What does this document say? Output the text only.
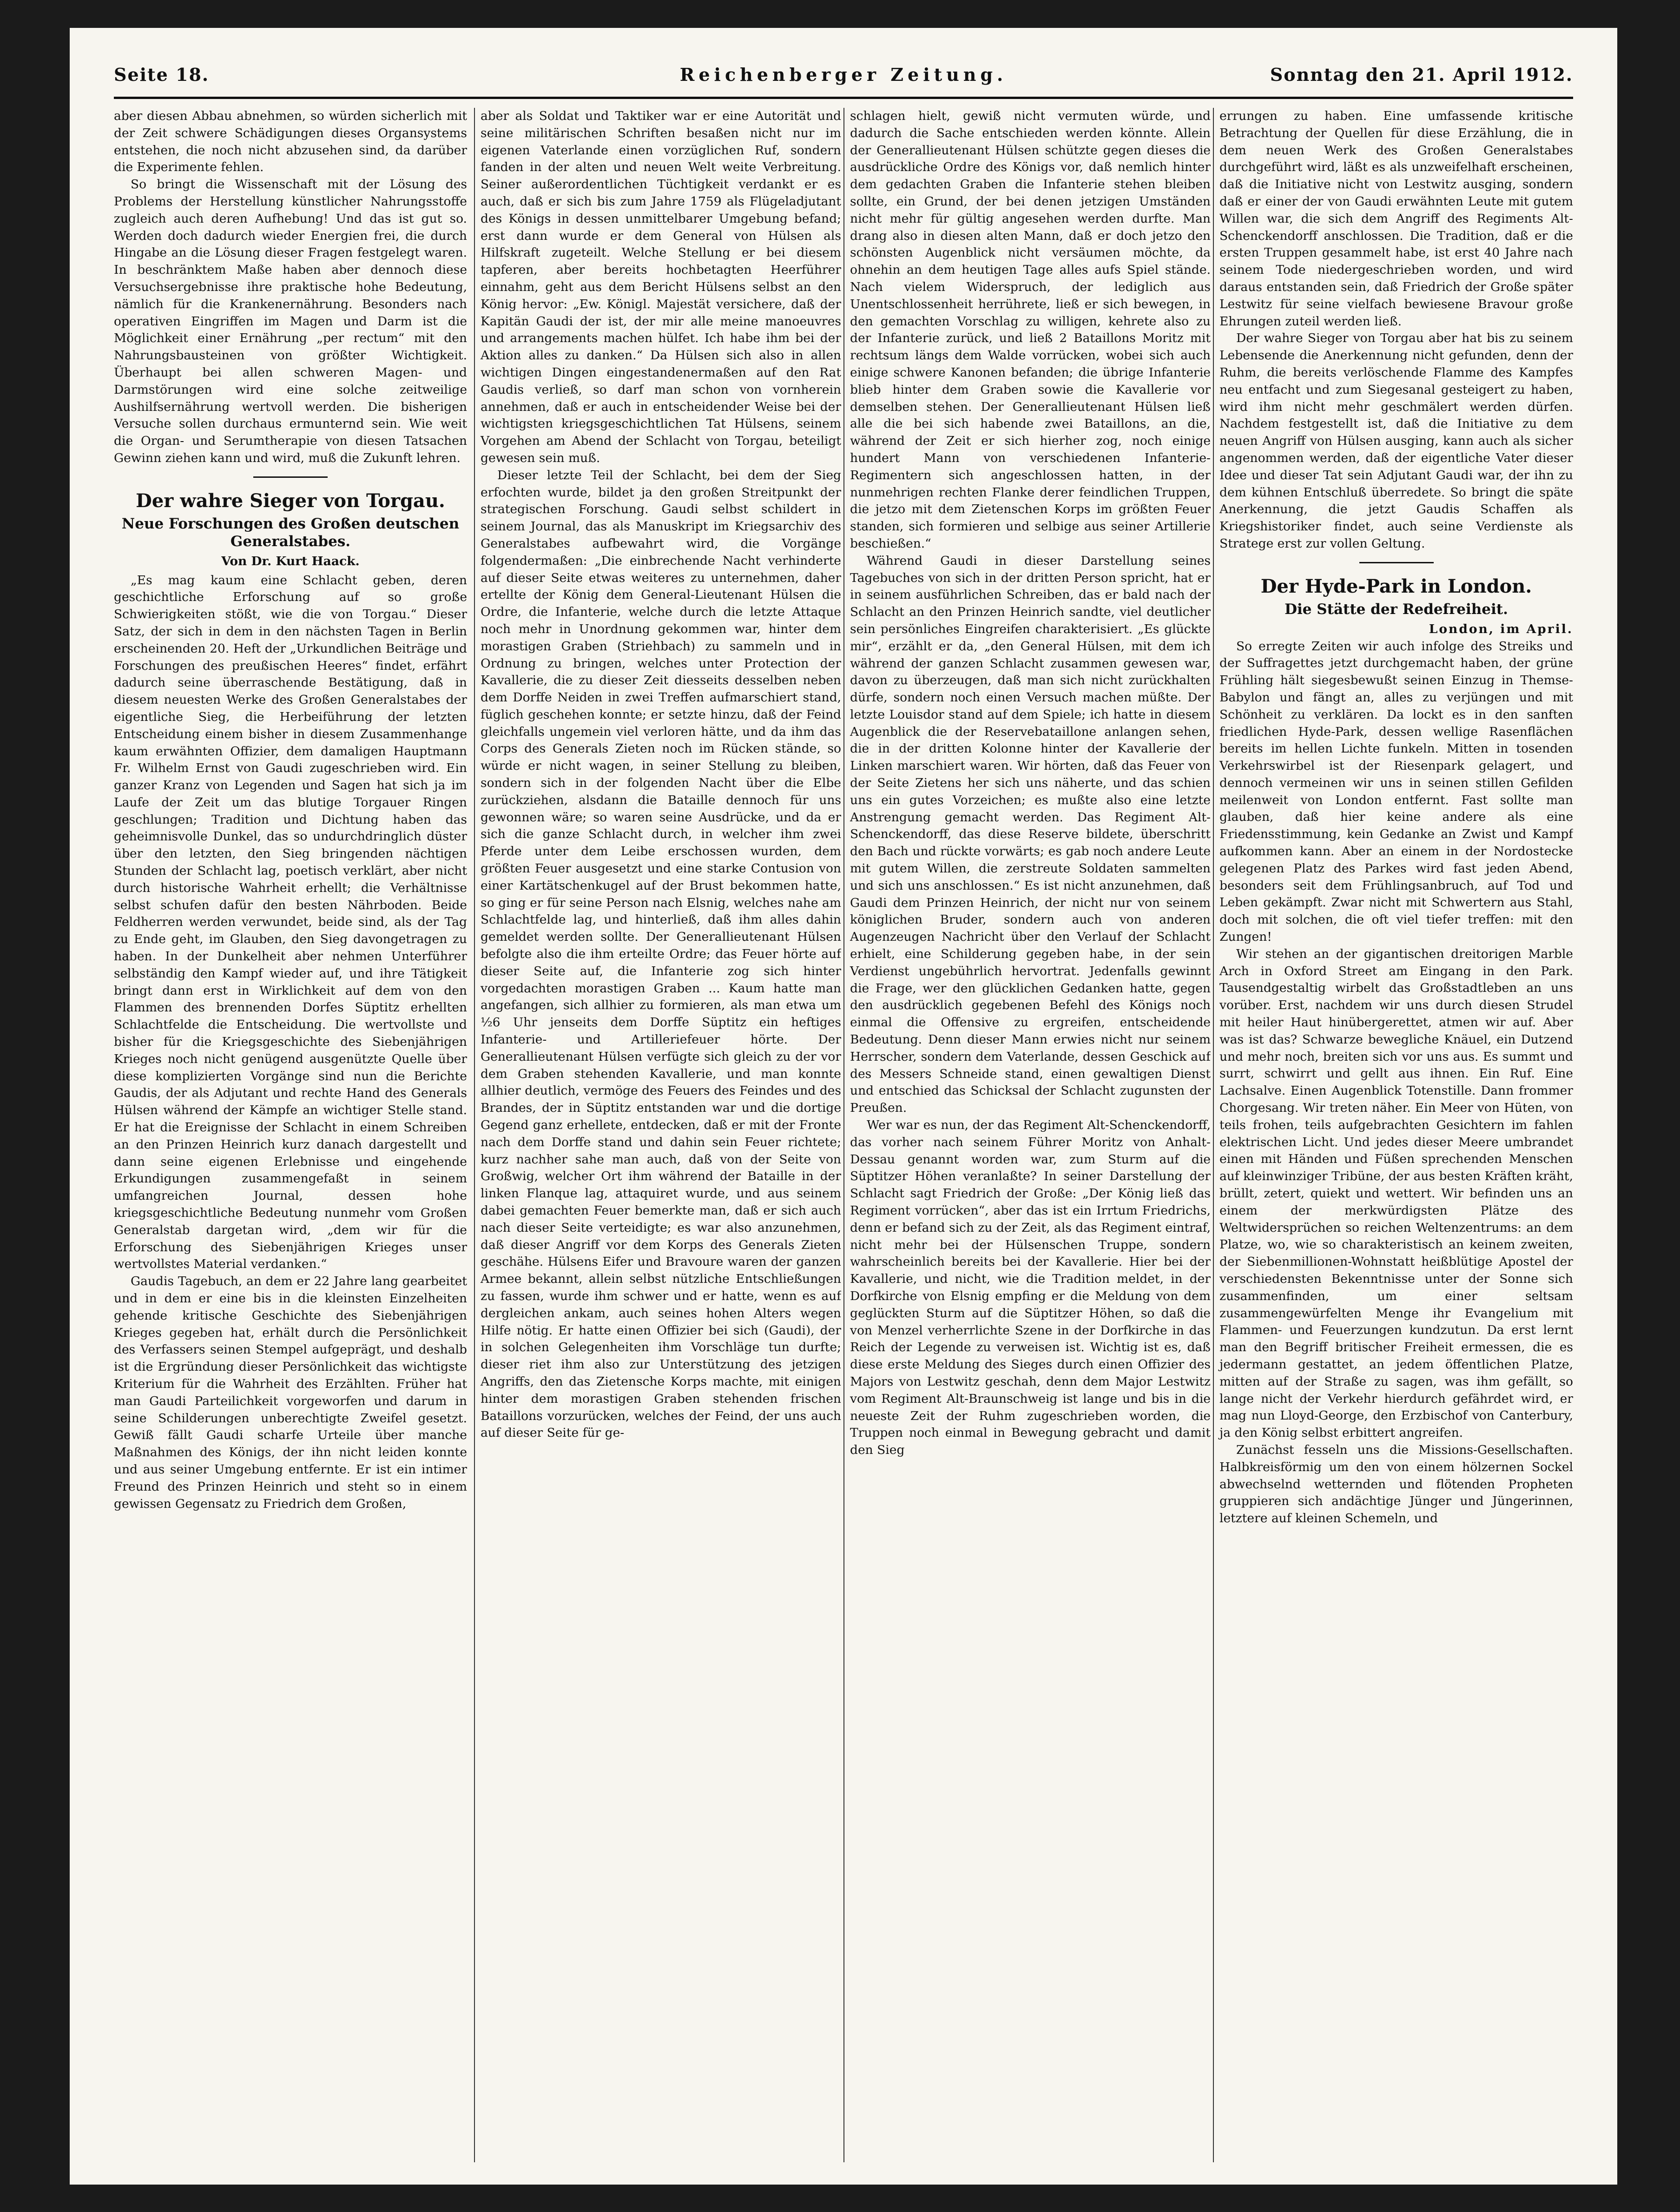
Seite 18.	Reichenberger Zeitung.	Sonntag den 21. April 1912.

aber diesen Abbau abnehmen, so würden sicherlich mit der Zeit schwere Schädigungen dieses Organsystems entstehen, die noch nicht abzusehen sind, da darüber die Experimente fehlen.

So bringt die Wissenschaft mit der Lösung des Problems der Herstellung künstlicher Nahrungsstoffe zugleich auch deren Aufhebung! Und das ist gut so. Werden doch dadurch wieder Energien frei, die durch Hingabe an die Lösung dieser Fragen festgelegt waren. In beschränktem Maße haben aber dennoch diese Versuchsergebnisse ihre praktische hohe Bedeutung, nämlich für die Krankenernährung. Besonders nach operativen Eingriffen im Magen und Darm ist die Möglichkeit einer Ernährung „per rectum“ mit den Nahrungsbausteinen von größter Wichtigkeit. Überhaupt bei allen schweren Magen- und Darmstörungen wird eine solche zeitweilige Aushilfsernährung wertvoll werden. Die bisherigen Versuche sollen durchaus ermunternd sein. Wie weit die Organ- und Serumtherapie von diesen Tatsachen Gewinn ziehen kann und wird, muß die Zukunft lehren.

Der wahre Sieger von Torgau.
Neue Forschungen des Großen deutschen Generalstabes.

Von Dr. Kurt Haack.

„Es mag kaum eine Schlacht geben, deren geschichtliche Erforschung auf so große Schwierigkeiten stößt, wie die von Torgau.“ Dieser Satz, der sich in dem in den nächsten Tagen in Berlin erscheinenden 20. Heft der „Urkundlichen Beiträge und Forschungen des preußischen Heeres“ findet, erfährt dadurch seine überraschende Bestätigung, daß in diesem neuesten Werke des Großen Generalstabes der eigentliche Sieg, die Herbeiführung der letzten Entscheidung einem bisher in diesem Zusammenhange kaum erwähnten Offizier, dem damaligen Hauptmann Fr. Wilhelm Ernst von Gaudi zugeschrieben wird. Ein ganzer Kranz von Legenden und Sagen hat sich ja im Laufe der Zeit um das blutige Torgauer Ringen geschlungen; Tradition und Dichtung haben das geheimnisvolle Dunkel, das so undurchdringlich düster über den letzten, den Sieg bringenden nächtigen Stunden der Schlacht lag, poetisch verklärt, aber nicht durch historische Wahrheit erhellt; die Verhältnisse selbst schufen dafür den besten Nährboden. Beide Feldherren werden verwundet, beide sind, als der Tag zu Ende geht, im Glauben, den Sieg davongetragen zu haben. In der Dunkelheit aber nehmen Unterführer selbständig den Kampf wieder auf, und ihre Tätigkeit bringt dann erst in Wirklichkeit auf dem von den Flammen des brennenden Dorfes Süptitz erhellten Schlachtfelde die Entscheidung. Die wertvollste und bisher für die Kriegsgeschichte des Siebenjährigen Krieges noch nicht genügend ausgenützte Quelle über diese komplizierten Vorgänge sind nun die Berichte Gaudis, der als Adjutant und rechte Hand des Generals Hülsen während der Kämpfe an wichtiger Stelle stand. Er hat die Ereignisse der Schlacht in einem Schreiben an den Prinzen Heinrich kurz danach dargestellt und dann seine eigenen Erlebnisse und eingehende Erkundigungen zusammengefaßt in seinem umfangreichen Journal, dessen hohe kriegsgeschichtliche Bedeutung nunmehr vom Großen Generalstab dargetan wird, „dem wir für die Erforschung des Siebenjährigen Krieges unser wertvollstes Material verdanken.“

Gaudis Tagebuch, an dem er 22 Jahre lang gearbeitet und in dem er eine bis in die kleinsten Einzelheiten gehende kritische Geschichte des Siebenjährigen Krieges gegeben hat, erhält durch die Persönlichkeit des Verfassers seinen Stempel aufgeprägt, und deshalb ist die Ergründung dieser Persönlichkeit das wichtigste Kriterium für die Wahrheit des Erzählten. Früher hat man Gaudi Parteilichkeit vorgeworfen und darum in seine Schilderungen unberechtigte Zweifel gesetzt. Gewiß fällt Gaudi scharfe Urteile über manche Maßnahmen des Königs, der ihn nicht leiden konnte und aus seiner Umgebung entfernte. Er ist ein intimer Freund des Prinzen Heinrich und steht so in einem gewissen Gegensatz zu Friedrich dem Großen,

aber als Soldat und Taktiker war er eine Autorität und seine militärischen Schriften besaßen nicht nur im eigenen Vaterlande einen vorzüglichen Ruf, sondern fanden in der alten und neuen Welt weite Verbreitung. Seiner außerordentlichen Tüchtigkeit verdankt er es auch, daß er sich bis zum Jahre 1759 als Flügeladjutant des Königs in dessen unmittelbarer Umgebung befand; erst dann wurde er dem General von Hülsen als Hilfskraft zugeteilt. Welche Stellung er bei diesem tapferen, aber bereits hochbetagten Heerführer einnahm, geht aus dem Bericht Hülsens selbst an den König hervor: „Ew. Königl. Majestät versichere, daß der Kapitän Gaudi der ist, der mir alle meine manoeuvres und arrangements machen hülfet. Ich habe ihm bei der Aktion alles zu danken.“ Da Hülsen sich also in allen wichtigen Dingen eingestandenermaßen auf den Rat Gaudis verließ, so darf man schon von vornherein annehmen, daß er auch in entscheidender Weise bei der wichtigsten kriegsgeschichtlichen Tat Hülsens, seinem Vorgehen am Abend der Schlacht von Torgau, beteiligt gewesen sein muß.

Dieser letzte Teil der Schlacht, bei dem der Sieg erfochten wurde, bildet ja den großen Streitpunkt der strategischen Forschung. Gaudi selbst schildert in seinem Journal, das als Manuskript im Kriegsarchiv des Generalstabes aufbewahrt wird, die Vorgänge folgendermaßen: „Die einbrechende Nacht verhinderte auf dieser Seite etwas weiteres zu unternehmen, daher ertellte der König dem General-Lieutenant Hülsen die Ordre, die Infanterie, welche durch die letzte Attaque noch mehr in Unordnung gekommen war, hinter dem morastigen Graben (Striehbach) zu sammeln und in Ordnung zu bringen, welches unter Protection der Kavallerie, die zu dieser Zeit diesseits desselben neben dem Dorffe Neiden in zwei Treffen aufmarschiert stand, füglich geschehen konnte; er setzte hinzu, daß der Feind gleichfalls ungemein viel verloren hätte, und da ihm das Corps des Generals Zieten noch im Rücken stände, so würde er nicht wagen, in seiner Stellung zu bleiben, sondern sich in der folgenden Nacht über die Elbe zurückziehen, alsdann die Bataille dennoch für uns gewonnen wäre; so waren seine Ausdrücke, und da er sich die ganze Schlacht durch, in welcher ihm zwei Pferde unter dem Leibe erschossen wurden, dem größten Feuer ausgesetzt und eine starke Contusion von einer Kartätschenkugel auf der Brust bekommen hatte, so ging er für seine Person nach Elsnig, welches nahe am Schlachtfelde lag, und hinterließ, daß ihm alles dahin gemeldet werden sollte. Der Generallieutenant Hülsen befolgte also die ihm erteilte Ordre; das Feuer hörte auf dieser Seite auf, die Infanterie zog sich hinter vorgedachten morastigen Graben ... Kaum hatte man angefangen, sich allhier zu formieren, als man etwa um ½6 Uhr jenseits dem Dorffe Süptitz ein heftiges Infanterie- und Artilleriefeuer hörte. Der Generallieutenant Hülsen verfügte sich gleich zu der vor dem Graben stehenden Kavallerie, und man konnte allhier deutlich, vermöge des Feuers des Feindes und des Brandes, der in Süptitz entstanden war und die dortige Gegend ganz erhellete, entdecken, daß er mit der Fronte nach dem Dorffe stand und dahin sein Feuer richtete; kurz nachher sahe man auch, daß von der Seite von Großwig, welcher Ort ihm während der Bataille in der linken Flanque lag, attaquiret wurde, und aus seinem dabei gemachten Feuer bemerkte man, daß er sich auch nach dieser Seite verteidigte; es war also anzunehmen, daß dieser Angriff vor dem Korps des Generals Zieten geschähe. Hülsens Eifer und Bravoure waren der ganzen Armee bekannt, allein selbst nützliche Entschließungen zu fassen, wurde ihm schwer und er hatte, wenn es auf dergleichen ankam, auch seines hohen Alters wegen Hilfe nötig. Er hatte einen Offizier bei sich (Gaudi), der in solchen Gelegenheiten ihm Vorschläge tun durfte; dieser riet ihm also zur Unterstützung des jetzigen Angriffs, den das Zietensche Korps machte, mit einigen hinter dem morastigen Graben stehenden frischen Bataillons vorzurücken, welches der Feind, der uns auch auf dieser Seite für ge-

schlagen hielt, gewiß nicht vermuten würde, und dadurch die Sache entschieden werden könnte. Allein der Generallieutenant Hülsen schützte gegen dieses die ausdrückliche Ordre des Königs vor, daß nemlich hinter dem gedachten Graben die Infanterie stehen bleiben sollte, ein Grund, der bei denen jetzigen Umständen nicht mehr für gültig angesehen werden durfte. Man drang also in diesen alten Mann, daß er doch jetzo den schönsten Augenblick nicht versäumen möchte, da ohnehin an dem heutigen Tage alles aufs Spiel stände. Nach vielem Widerspruch, der lediglich aus Unentschlossenheit herrührete, ließ er sich bewegen, in den gemachten Vorschlag zu willigen, kehrete also zu der Infanterie zurück, und ließ 2 Bataillons Moritz mit rechtsum längs dem Walde vorrücken, wobei sich auch einige schwere Kanonen befanden; die übrige Infanterie blieb hinter dem Graben sowie die Kavallerie vor demselben stehen. Der Generallieutenant Hülsen ließ alle die bei sich habende zwei Bataillons, an die, während der Zeit er sich hierher zog, noch einige hundert Mann von verschiedenen Infanterie-Regimentern sich angeschlossen hatten, in der nunmehrigen rechten Flanke derer feindlichen Truppen, die jetzo mit dem Zietenschen Korps im größten Feuer standen, sich formieren und selbige aus seiner Artillerie beschießen.“

Während Gaudi in dieser Darstellung seines Tagebuches von sich in der dritten Person spricht, hat er in seinem ausführlichen Schreiben, das er bald nach der Schlacht an den Prinzen Heinrich sandte, viel deutlicher sein persönliches Eingreifen charakterisiert. „Es glückte mir“, erzählt er da, „den General Hülsen, mit dem ich während der ganzen Schlacht zusammen gewesen war, davon zu überzeugen, daß man sich nicht zurückhalten dürfe, sondern noch einen Versuch machen müßte. Der letzte Louisdor stand auf dem Spiele; ich hatte in diesem Augenblick die der Reservebataillone anlangen sehen, die in der dritten Kolonne hinter der Kavallerie der Linken marschiert waren. Wir hörten, daß das Feuer von der Seite Zietens her sich uns näherte, und das schien uns ein gutes Vorzeichen; es mußte also eine letzte Anstrengung gemacht werden. Das Regiment Alt-Schenckendorff, das diese Reserve bildete, überschritt den Bach und rückte vorwärts; es gab noch andere Leute mit gutem Willen, die zerstreute Soldaten sammelten und sich uns anschlossen.“ Es ist nicht anzunehmen, daß Gaudi dem Prinzen Heinrich, der nicht nur von seinem königlichen Bruder, sondern auch von anderen Augenzeugen Nachricht über den Verlauf der Schlacht erhielt, eine Schilderung gegeben habe, in der sein Verdienst ungebührlich hervortrat. Jedenfalls gewinnt die Frage, wer den glücklichen Gedanken hatte, gegen den ausdrücklich gegebenen Befehl des Königs noch einmal die Offensive zu ergreifen, entscheidende Bedeutung. Denn dieser Mann erwies nicht nur seinem Herrscher, sondern dem Vaterlande, dessen Geschick auf des Messers Schneide stand, einen gewaltigen Dienst und entschied das Schicksal der Schlacht zugunsten der Preußen.

Wer war es nun, der das Regiment Alt-Schenckendorff, das vorher nach seinem Führer Moritz von Anhalt-Dessau genannt worden war, zum Sturm auf die Süptitzer Höhen veranlaßte? In seiner Darstellung der Schlacht sagt Friedrich der Große: „Der König ließ das Regiment vorrücken“, aber das ist ein Irrtum Friedrichs, denn er befand sich zu der Zeit, als das Regiment eintraf, nicht mehr bei der Hülsenschen Truppe, sondern wahrscheinlich bereits bei der Kavallerie. Hier bei der Kavallerie, und nicht, wie die Tradition meldet, in der Dorfkirche von Elsnig empfing er die Meldung von dem geglückten Sturm auf die Süptitzer Höhen, so daß die von Menzel verherrlichte Szene in der Dorfkirche in das Reich der Legende zu verweisen ist. Wichtig ist es, daß diese erste Meldung des Sieges durch einen Offizier des Majors von Lestwitz geschah, denn dem Major Lestwitz vom Regiment Alt-Braunschweig ist lange und bis in die neueste Zeit der Ruhm zugeschrieben worden, die Truppen noch einmal in Bewegung gebracht und damit den Sieg

errungen zu haben. Eine umfassende kritische Betrachtung der Quellen für diese Erzählung, die in dem neuen Werk des Großen Generalstabes durchgeführt wird, läßt es als unzweifelhaft erscheinen, daß die Initiative nicht von Lestwitz ausging, sondern daß er einer der von Gaudi erwähnten Leute mit gutem Willen war, die sich dem Angriff des Regiments Alt-Schenckendorff anschlossen. Die Tradition, daß er die ersten Truppen gesammelt habe, ist erst 40 Jahre nach seinem Tode niedergeschrieben worden, und wird daraus entstanden sein, daß Friedrich der Große später Lestwitz für seine vielfach bewiesene Bravour große Ehrungen zuteil werden ließ.

Der wahre Sieger von Torgau aber hat bis zu seinem Lebensende die Anerkennung nicht gefunden, denn der Ruhm, die bereits verlöschende Flamme des Kampfes neu entfacht und zum Siegesanal gesteigert zu haben, wird ihm nicht mehr geschmälert werden dürfen. Nachdem festgestellt ist, daß die Initiative zu dem neuen Angriff von Hülsen ausging, kann auch als sicher angenommen werden, daß der eigentliche Vater dieser Idee und dieser Tat sein Adjutant Gaudi war, der ihn zu dem kühnen Entschluß überredete. So bringt die späte Anerkennung, die jetzt Gaudis Schaffen als Kriegshistoriker findet, auch seine Verdienste als Stratege erst zur vollen Geltung.

Der Hyde-Park in London.
Die Stätte der Redefreiheit.

London, im April.

So erregte Zeiten wir auch infolge des Streiks und der Suffragettes jetzt durchgemacht haben, der grüne Frühling hält siegesbewußt seinen Einzug in Themse-Babylon und fängt an, alles zu verjüngen und mit Schönheit zu verklären. Da lockt es in den sanften friedlichen Hyde-Park, dessen wellige Rasenflächen bereits im hellen Lichte funkeln. Mitten in tosenden Verkehrswirbel ist der Riesenpark gelagert, und dennoch vermeinen wir uns in seinen stillen Gefilden meilenweit von London entfernt. Fast sollte man glauben, daß hier keine andere als eine Friedensstimmung, kein Gedanke an Zwist und Kampf aufkommen kann. Aber an einem in der Nordostecke gelegenen Platz des Parkes wird fast jeden Abend, besonders seit dem Frühlingsanbruch, auf Tod und Leben gekämpft. Zwar nicht mit Schwertern aus Stahl, doch mit solchen, die oft viel tiefer treffen: mit den Zungen!

Wir stehen an der gigantischen dreitorigen Marble Arch in Oxford Street am Eingang in den Park. Tausendgestaltig wirbelt das Großstadtleben an uns vorüber. Erst, nachdem wir uns durch diesen Strudel mit heiler Haut hinübergerettet, atmen wir auf. Aber was ist das? Schwarze bewegliche Knäuel, ein Dutzend und mehr noch, breiten sich vor uns aus. Es summt und surrt, schwirrt und gellt aus ihnen. Ein Ruf. Eine Lachsalve. Einen Augenblick Totenstille. Dann frommer Chorgesang. Wir treten näher. Ein Meer von Hüten, von teils frohen, teils aufgebrachten Gesichtern im fahlen elektrischen Licht. Und jedes dieser Meere umbrandet einen mit Händen und Füßen sprechenden Menschen auf kleinwinziger Tribüne, der aus besten Kräften kräht, brüllt, zetert, quiekt und wettert. Wir befinden uns an einem der merkwürdigsten Plätze des Weltwidersprüchen so reichen Weltenzentrums: an dem Platze, wo, wie so charakteristisch an keinem zweiten, der Siebenmillionen-Wohnstatt heißblütige Apostel der verschiedensten Bekenntnisse unter der Sonne sich zusammenfinden, um einer seltsam zusammengewürfelten Menge ihr Evangelium mit Flammen- und Feuerzungen kundzutun. Da erst lernt man den Begriff britischer Freiheit ermessen, die es jedermann gestattet, an jedem öffentlichen Platze, mitten auf der Straße zu sagen, was ihm gefällt, so lange nicht der Verkehr hierdurch gefährdet wird, er mag nun Lloyd-George, den Erzbischof von Canterbury, ja den König selbst erbittert angreifen.

Zunächst fesseln uns die Missions-Gesellschaften. Halbkreisförmig um den von einem hölzernen Sockel abwechselnd wetternden und flötenden Propheten gruppieren sich andächtige Jünger und Jüngerinnen, letztere auf kleinen Schemeln, und
